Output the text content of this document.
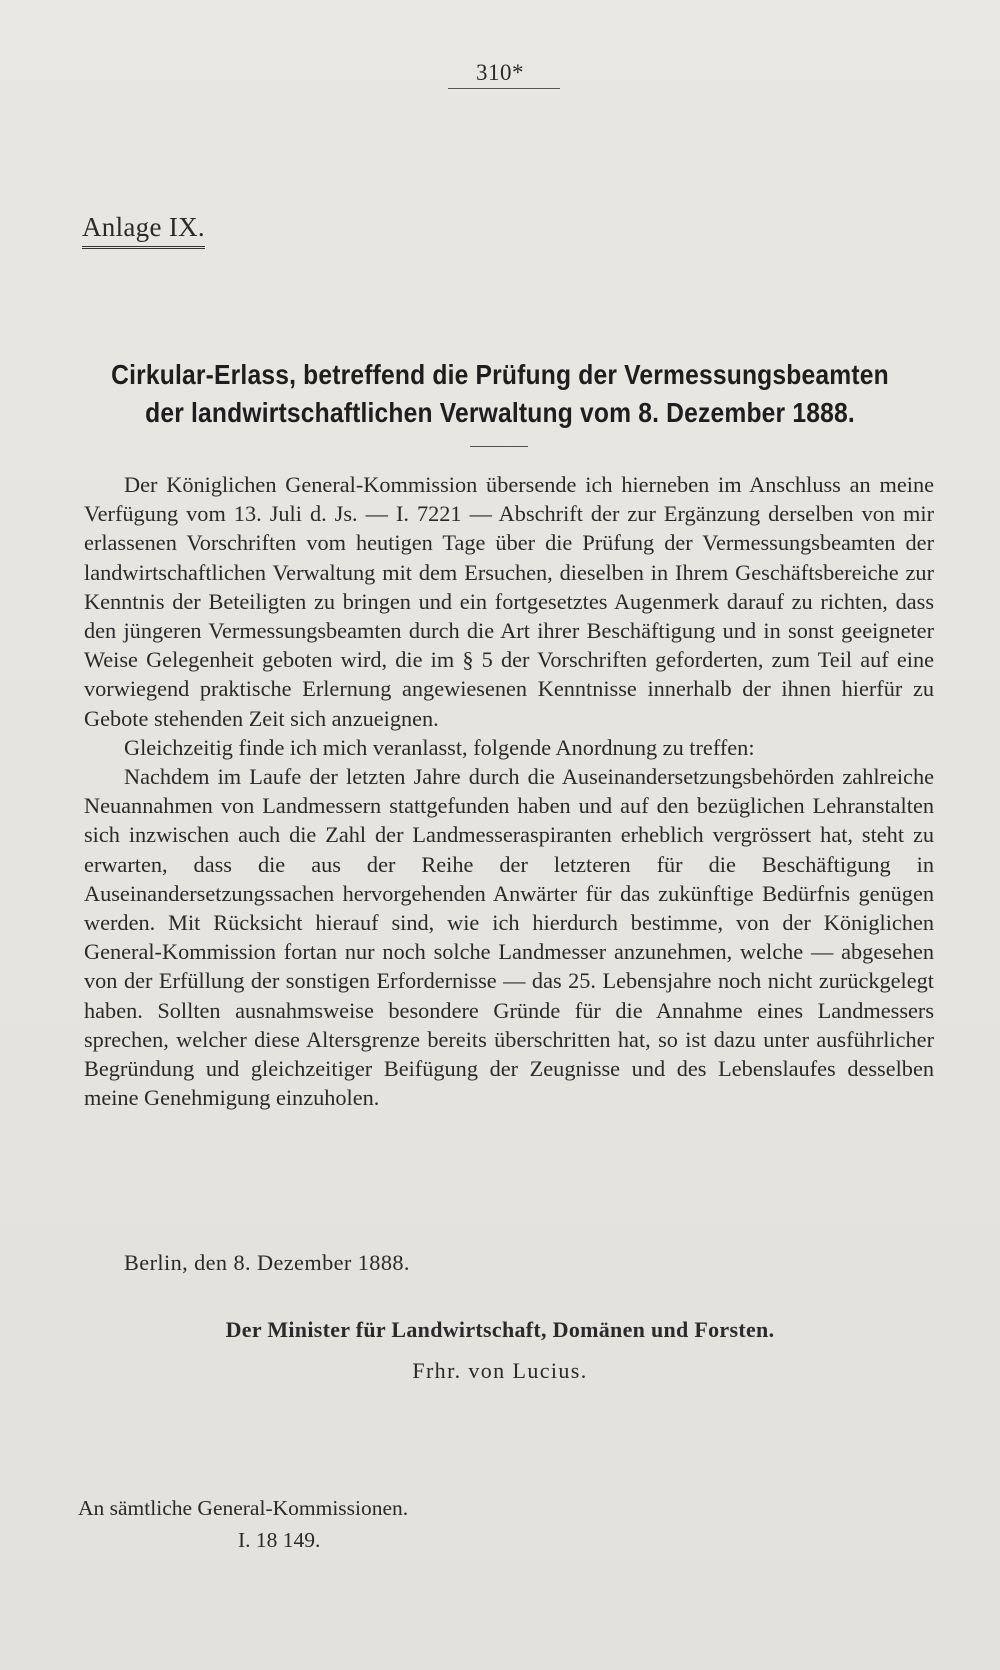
310*
Anlage IX.
Cirkular-Erlass, betreffend die Prüfung der Vermessungsbeamten
der landwirtschaftlichen Verwaltung vom 8. Dezember 1888.

Der Königlichen General-Kommission übersende ich hierneben im Anschluss an meine Verfügung vom 13. Juli d. Js. — I. 7221 — Abschrift der zur Ergänzung derselben von mir erlassenen Vorschriften vom heutigen Tage über die Prüfung der Vermessungsbeamten der landwirtschaftlichen Verwaltung mit dem Ersuchen, dieselben in Ihrem Geschäftsbereiche zur Kenntnis der Beteiligten zu bringen und ein fortgesetztes Augenmerk darauf zu richten, dass den jüngeren Vermessungsbeamten durch die Art ihrer Beschäftigung und in sonst geeigneter Weise Gelegenheit geboten wird, die im § 5 der Vorschriften geforderten, zum Teil auf eine vorwiegend praktische Erlernung angewiesenen Kenntnisse innerhalb der ihnen hierfür zu Gebote stehenden Zeit sich anzueignen.

Gleichzeitig finde ich mich veranlasst, folgende Anordnung zu treffen:

Nachdem im Laufe der letzten Jahre durch die Auseinandersetzungsbehörden zahlreiche Neuannahmen von Landmessern stattgefunden haben und auf den bezüglichen Lehranstalten sich inzwischen auch die Zahl der Landmesseraspiranten erheblich vergrössert hat, steht zu erwarten, dass die aus der Reihe der letzteren für die Beschäftigung in Auseinandersetzungssachen hervorgehenden Anwärter für das zukünftige Bedürfnis genügen werden. Mit Rücksicht hierauf sind, wie ich hierdurch bestimme, von der Königlichen General-Kommission fortan nur noch solche Landmesser anzunehmen, welche — abgesehen von der Erfüllung der sonstigen Erfordernisse — das 25. Lebensjahre noch nicht zurückgelegt haben. Sollten ausnahmsweise besondere Gründe für die Annahme eines Landmessers sprechen, welcher diese Altersgrenze bereits überschritten hat, so ist dazu unter ausführlicher Begründung und gleichzeitiger Beifügung der Zeugnisse und des Lebenslaufes desselben meine Genehmigung einzuholen.

Berlin, den 8. Dezember 1888.
Der Minister für Landwirtschaft, Domänen und Forsten.
Frhr. von Lucius.
An sämtliche General-Kommissionen.
I. 18 149.
